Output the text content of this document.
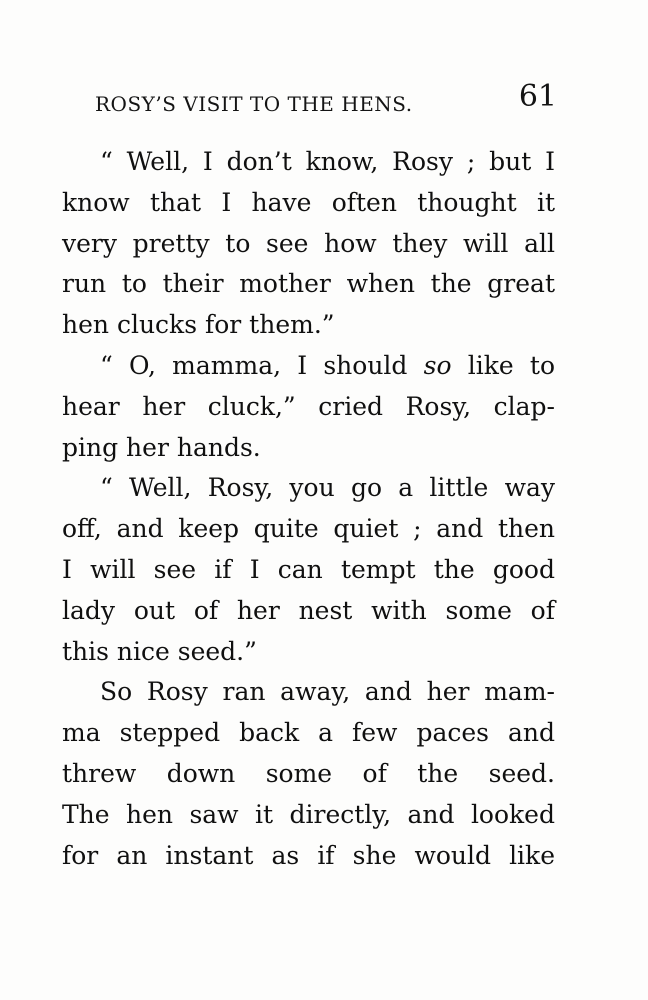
ROSY’S VISIT TO THE HENS.	61
“ Well, I don’t know, Rosy ; but I
know that I have often thought it
very pretty to see how they will all
run to their mother when the great
hen clucks for them.”
“ O, mamma, I should so like to
hear her cluck,” cried Rosy, clap-
ping her hands.
“ Well, Rosy, you go a little way
off, and keep quite quiet ; and then
I will see if I can tempt the good
lady out of her nest with some of
this nice seed.”
So Rosy ran away, and her mam-
ma stepped back a few paces and
threw down some of the seed.
The hen saw it directly, and looked
for an instant as if she would like
